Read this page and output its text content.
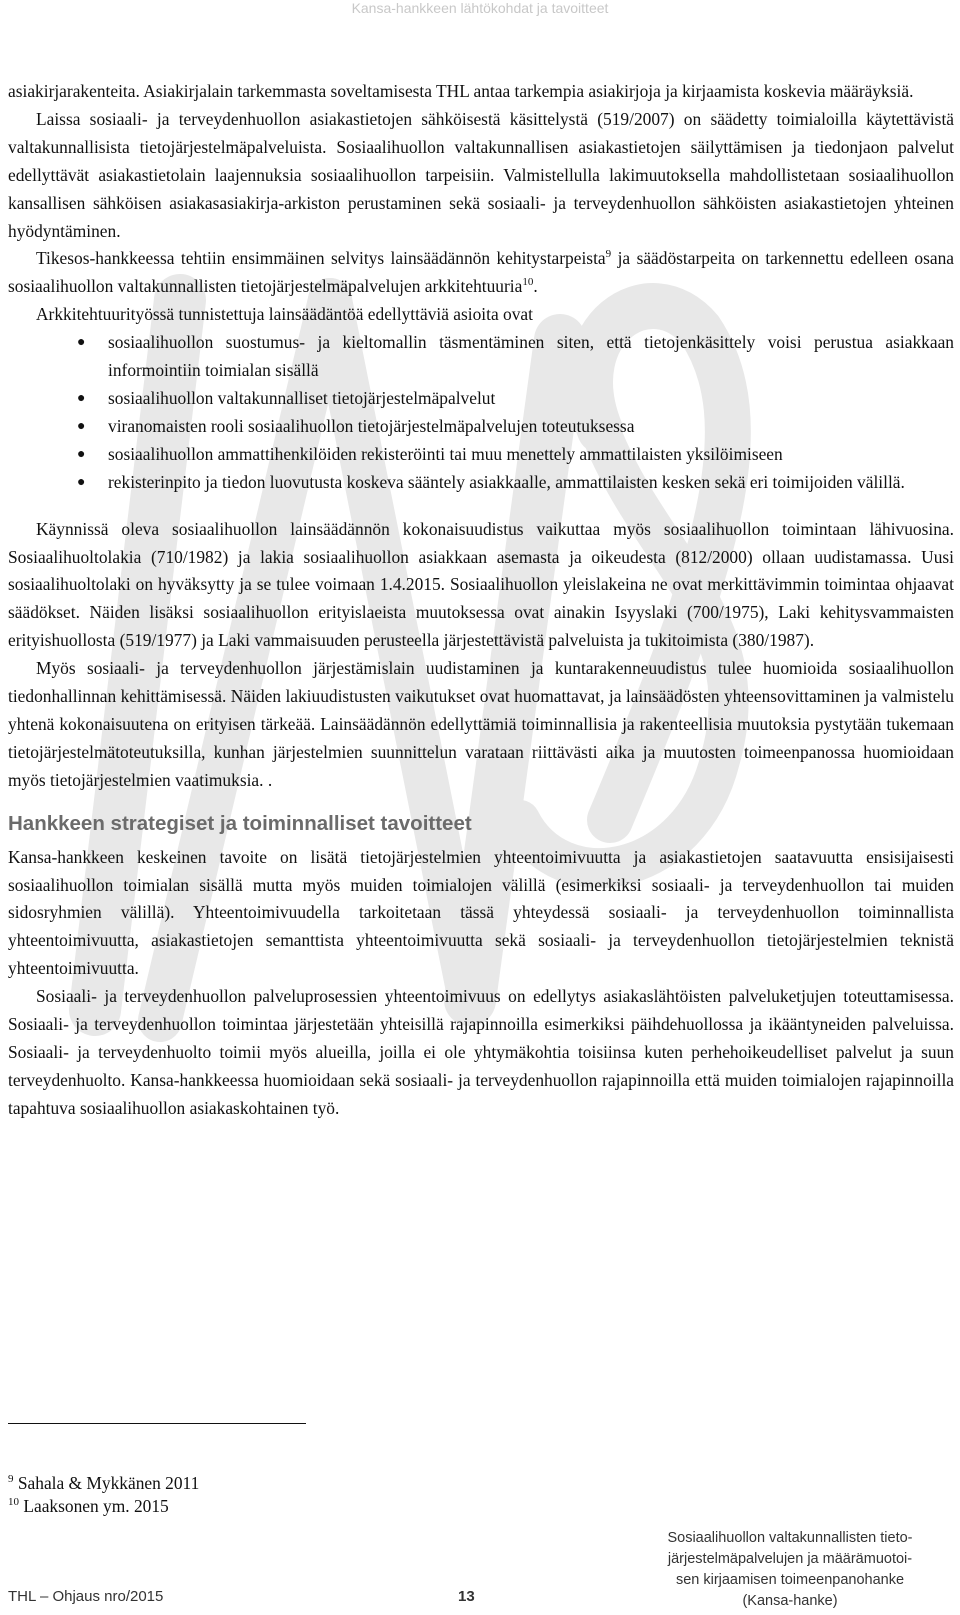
Kansa-hankkeen lähtökohdat ja tavoitteet

asiakirjarakenteita. Asiakirjalain tarkemmasta soveltamisesta THL antaa tarkempia asiakirjoja ja kirjaamista koskevia määräyksiä.

Laissa sosiaali- ja terveydenhuollon asiakastietojen sähköisestä käsittelystä (519/2007) on säädetty toimialoilla käytettävistä valtakunnallisista tietojärjestelmäpalveluista. Sosiaalihuollon valtakunnallisen asiakastietojen säilyttämisen ja tiedonjaon palvelut edellyttävät asiakastietolain laajennuksia sosiaalihuollon tarpeisiin. Valmistellulla lakimuutoksella mahdollistetaan sosiaalihuollon kansallisen sähköisen asiakasasiakirja-arkiston perustaminen sekä sosiaali- ja terveydenhuollon sähköisten asiakastietojen yhteinen hyödyntäminen.

Tikesos-hankkeessa tehtiin ensimmäinen selvitys lainsäädännön kehitystarpeista$^9$ ja säädöstarpeita on tarkennettu edelleen osana sosiaalihuollon valtakunnallisten tietojärjestelmäpalvelujen arkkitehtuuria$^{10}$.

Arkkitehtuurityössä tunnistettuja lainsäädäntöä edellyttäviä asioita ovat

● sosiaalihuollon suostumus- ja kieltomallin täsmentäminen siten, että tietojenkäsittely voisi perustua asiakkaan informointiin toimialan sisällä
● sosiaalihuollon valtakunnalliset tietojärjestelmäpalvelut
● viranomaisten rooli sosiaalihuollon tietojärjestelmäpalvelujen toteutuksessa
● sosiaalihuollon ammattihenkilöiden rekisteröinti tai muu menettely ammattilaisten yksilöimiseen
● rekisterinpito ja tiedon luovutusta koskeva sääntely asiakkaalle, ammattilaisten kesken sekä eri toimijoiden välillä.

Käynnissä oleva sosiaalihuollon lainsäädännön kokonaisuudistus vaikuttaa myös sosiaalihuollon toimintaan lähivuosina. Sosiaalihuoltolakia (710/1982) ja lakia sosiaalihuollon asiakkaan asemasta ja oikeudesta (812/2000) ollaan uudistamassa. Uusi sosiaalihuoltolaki on hyväksytty ja se tulee voimaan 1.4.2015. Sosiaalihuollon yleislakeina ne ovat merkittävimmin toimintaa ohjaavat säädökset. Näiden lisäksi sosiaalihuollon erityislaeista muutoksessa ovat ainakin Isyyslaki (700/1975), Laki kehitysvammaisten erityishuollosta (519/1977) ja Laki vammaisuuden perusteella järjestettävistä palveluista ja tukitoimista (380/1987).

Myös sosiaali- ja terveydenhuollon järjestämislain uudistaminen ja kuntarakenneuudistus tulee huomioida sosiaalihuollon tiedonhallinnan kehittämisessä. Näiden lakiuudistusten vaikutukset ovat huomattavat, ja lainsäädösten yhteensovittaminen ja valmistelu yhtenä kokonaisuutena on erityisen tärkeää. Lainsäädännön edellyttämiä toiminnallisia ja rakenteellisia muutoksia pystytään tukemaan tietojärjestelmätoteutuksilla, kunhan järjestelmien suunnittelun varataan riittävästi aika ja muutosten toimeenpanossa huomioidaan myös tietojärjestelmien vaatimuksia. .

Hankkeen strategiset ja toiminnalliset tavoitteet

Kansa-hankkeen keskeinen tavoite on lisätä tietojärjestelmien yhteentoimivuutta ja asiakastietojen saatavuutta ensisijaisesti sosiaalihuollon toimialan sisällä mutta myös muiden toimialojen välillä (esimerkiksi sosiaali- ja terveydenhuollon tai muiden sidosryhmien välillä). Yhteentoimivuudella tarkoitetaan tässä yhteydessä sosiaali- ja terveydenhuollon toiminnallista yhteentoimivuutta, asiakastietojen semanttista yhteentoimivuutta sekä sosiaali- ja terveydenhuollon tietojärjestelmien teknistä yhteentoimivuutta.

Sosiaali- ja terveydenhuollon palveluprosessien yhteentoimivuus on edellytys asiakaslähtöisten palveluketjujen toteuttamisessa. Sosiaali- ja terveydenhuollon toimintaa järjestetään yhteisillä rajapinnoilla esimerkiksi päihdehuollossa ja ikääntyneiden palveluissa. Sosiaali- ja terveydenhuolto toimii myös alueilla, joilla ei ole yhtymäkohtia toisiinsa kuten perhehoikeudelliset palvelut ja suun terveydenhuolto. Kansa-hankkeessa huomioidaan sekä sosiaali- ja terveydenhuollon rajapinnoilla että muiden toimialojen rajapinnoilla tapahtuva sosiaalihuollon asiakaskohtainen työ.

$^9$ Sahala & Mykkänen 2011

$^{10}$ Laaksonen ym. 2015

THL – Ohjaus nro/2015	13
Sosiaalihuollon valtakunnallisten tieto-
järjestelmäpalvelujen ja määrämuotoi-
sen kirjaamisen toimeenpanohanke
(Kansa-hanke)
